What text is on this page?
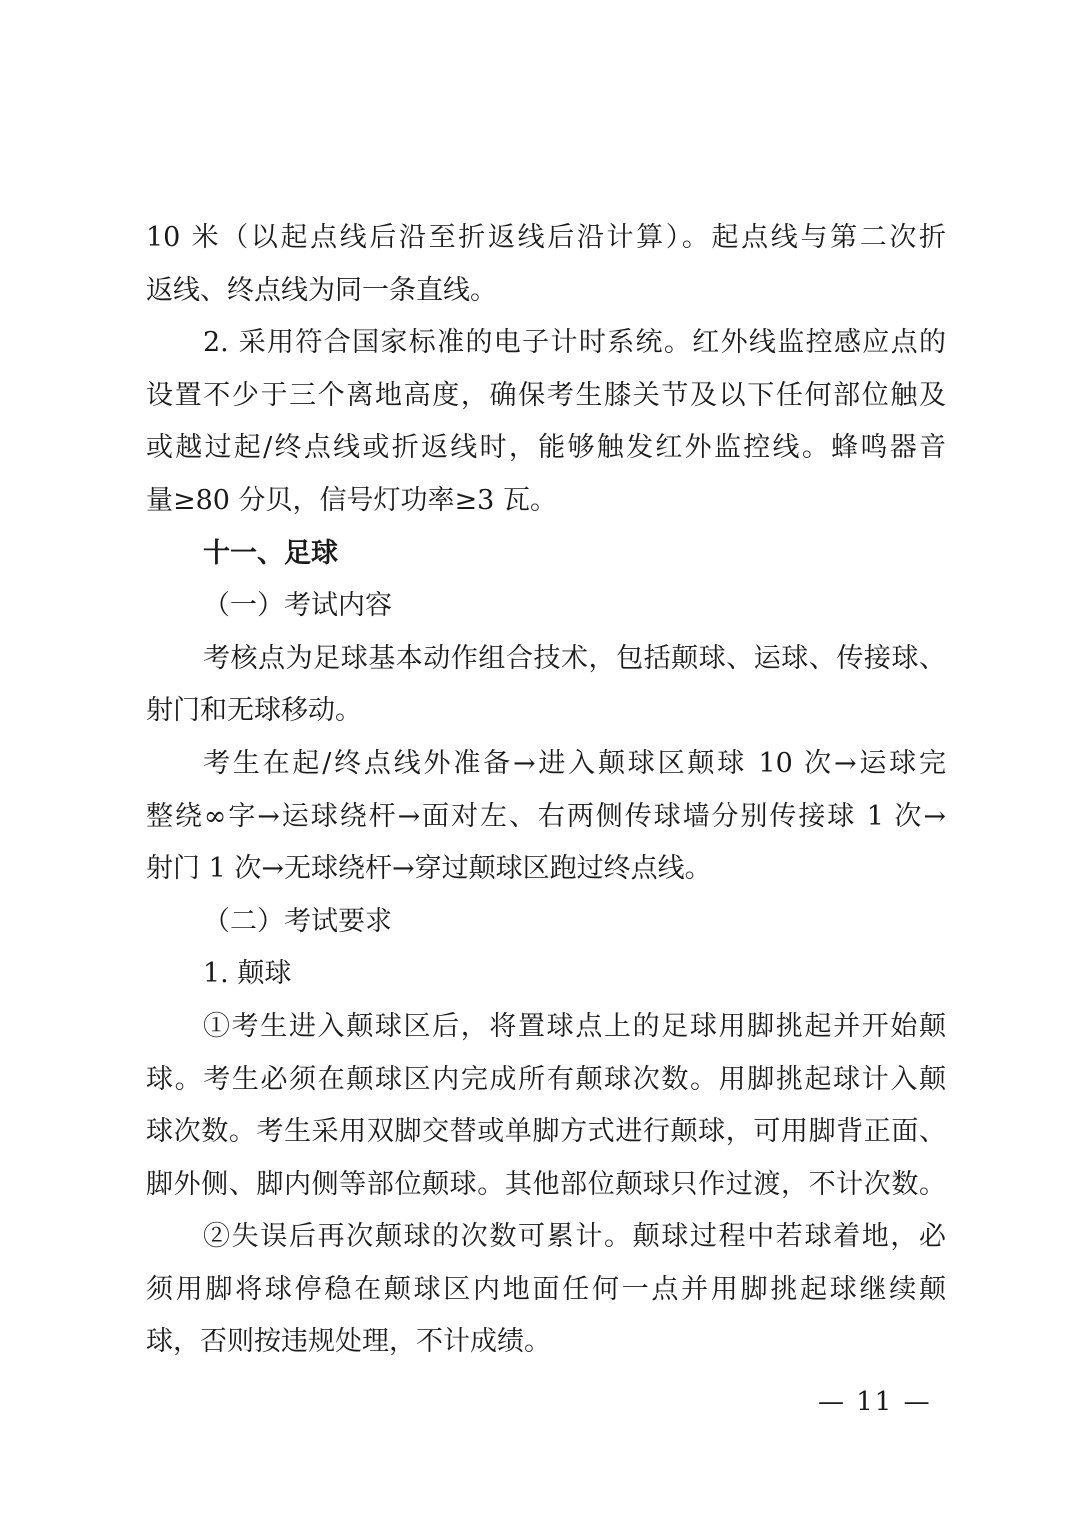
10 米（以起点线后沿至折返线后沿计算）。起点线与第二次折
返线、终点线为同一条直线。
2. 采用符合国家标准的电子计时系统。红外线监控感应点的
设置不少于三个离地高度，确保考生膝关节及以下任何部位触及
或越过起/终点线或折返线时，能够触发红外监控线。蜂鸣器音
量≥80 分贝，信号灯功率≥3 瓦。
十一、足球
（一）考试内容
考核点为足球基本动作组合技术，包括颠球、运球、传接球、
射门和无球移动。
考生在起/终点线外准备→进入颠球区颠球 10 次→运球完
整绕∞字→运球绕杆→面对左、右两侧传球墙分别传接球 1 次→
射门 1 次→无球绕杆→穿过颠球区跑过终点线。
（二）考试要求
1. 颠球
①考生进入颠球区后，将置球点上的足球用脚挑起并开始颠
球。考生必须在颠球区内完成所有颠球次数。用脚挑起球计入颠
球次数。考生采用双脚交替或单脚方式进行颠球，可用脚背正面、
脚外侧、脚内侧等部位颠球。其他部位颠球只作过渡，不计次数。
②失误后再次颠球的次数可累计。颠球过程中若球着地，必
须用脚将球停稳在颠球区内地面任何一点并用脚挑起球继续颠
球，否则按违规处理，不计成绩。
— 11 —
